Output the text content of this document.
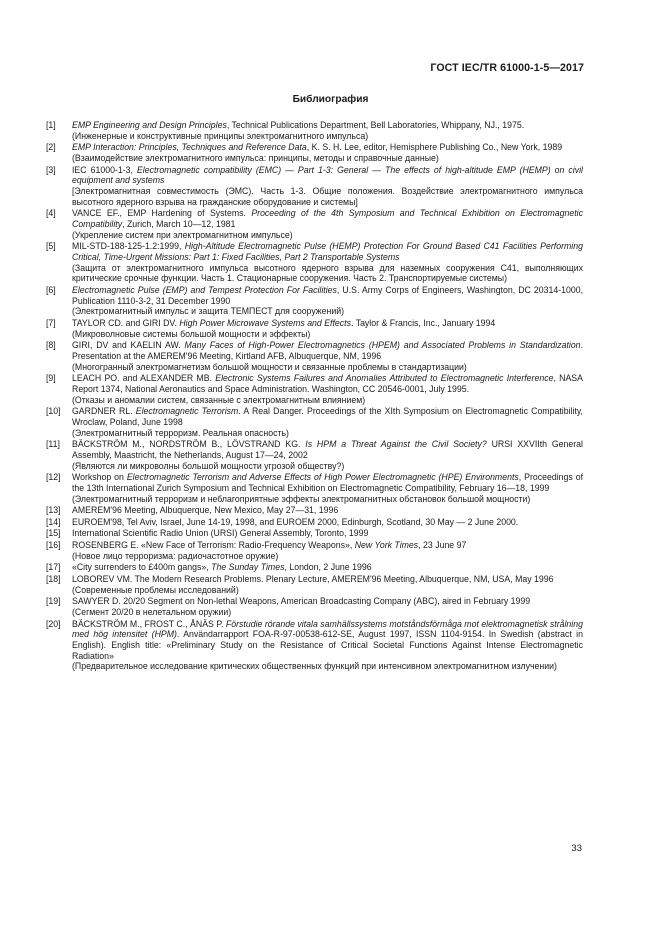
ГОСТ IEC/TR 61000-1-5—2017
Библиография
[1]	EMP Engineering and Design Principles, Technical Publications Department, Bell Laboratories, Whippany, NJ., 1975.
(Инженерные и конструктивные принципы электромагнитного импульса)
[2]	EMP Interaction: Principles, Techniques and Reference Data, K. S. H. Lee, editor, Hemisphere Publishing Co., New York, 1989
(Взаимодействие электромагнитного импульса: принципы, методы и справочные данные)
[3]	IEC 61000-1-3, Electromagnetic compatibility (EMC) — Part 1-3: General — The effects of high-altitude EMP (HEMP) on civil equipment and systems
[Электромагнитная совместимость (ЭМС). Часть 1-3. Общие положения. Воздействие электромагнитного импульса высотного ядерного взрыва на гражданские оборудование и системы]
[4]	VANCE EF., EMP Hardening of Systems. Proceeding of the 4th Symposium and Technical Exhibition on Electromagnetic Compatibility, Zurich, March 10—12, 1981
(Укрепление систем при электромагнитном импульсе)
[5]	MIL-STD-188-125-1.2:1999, High-Altitude Electromagnetic Pulse (HEMP) Protection For Ground Based C41 Facilities Performing Critical, Time-Urgent Missions: Part 1: Fixed Facilities, Part 2 Transportable Systems
(Защита от электромагнитного импульса высотного ядерного взрыва для наземных сооружения С41, выполняющих критические срочные функции. Часть 1. Стационарные сооружения. Часть 2. Транспортируемые системы)
[6]	Electromagnetic Pulse (EMP) and Tempest Protection For Facilities, U.S. Army Corps of Engineers, Washington, DC 20314-1000, Publication 1110-3-2, 31 December 1990
(Электромагнитный импульс и защита ТЕМПЕСТ для сооружений)
[7]	TAYLOR CD. and GIRI DV. High Power Microwave Systems and Effects. Taylor & Francis, Inc., January 1994
(Микроволновые системы большой мощности и эффекты)
[8]	GIRI, DV and KAELIN AW. Many Faces of High-Power Electromagnetics (HPEM) and Associated Problems in Standardization. Presentation at the AMEREM'96 Meeting, Kirtland AFB, Albuquerque, NM, 1996
(Многогранный электромагнетизм большой мощности и связанные проблемы в стандартизации)
[9]	LEACH PO. and ALEXANDER MB. Electronic Systems Failures and Anomalies Attributed to Electromagnetic Interference, NASA Report 1374, National Aeronautics and Space Administration. Washington, CC 20546-0001, July 1995.
(Отказы и аномалии систем, связанные с электромагнитным влиянием)
[10]	GARDNER RL. Electromagnetic Terrorism. A Real Danger. Proceedings of the XIth Symposium on Electromagnetic Compatibility, Wroclaw, Poland, June 1998
(Электромагнитный терроризм. Реальная опасность)
[11]	BÄCKSTRÖM M., NORDSTRÖM B., LÖVSTRAND KG. Is HPM a Threat Against the Civil Society? URSI XXVIIth General Assembly, Maastricht, the Netherlands, August 17—24, 2002
(Являются ли микроволны большой мощности угрозой обществу?)
[12]	Workshop on Electromagnetic Terrorism and Adverse Effects of High Power Electromagnetic (HPE) Environments, Proceedings of the 13th International Zurich Symposium and Technical Exhibition on Electromagnetic Compatibility, February 16—18, 1999
(Электромагнитный терроризм и неблагоприятные эффекты электромагнитных обстановок большой мощности)
[13]	AMEREM'96 Meeting, Albuquerque, New Mexico, May 27—31, 1996
[14]	EUROEM'98, Tel Aviv, Israel, June 14-19, 1998, and EUROEM 2000, Edinburgh, Scotland, 30 May — 2 June 2000.
[15]	International Scientific Radio Union (URSI) General Assembly, Toronto, 1999
[16]	ROSENBERG E. «New Face of Terrorism: Radio-Frequency Weapons», New York Times, 23 June 97
(Новое лицо терроризма: радиочастотное оружие)
[17]	«City surrenders to £400m gangs», The Sunday Times, London, 2 June 1996
[18]	LOBOREV VM. The Modern Research Problems. Plenary Lecture, AMEREM'96 Meeting, Albuquerque, NM, USA, May 1996
(Современные проблемы исследований)
[19]	SAWYER D. 20/20 Segment on Non-lethal Weapons, American Broadcasting Company (ABC), aired in February 1999
(Сегмент 20/20 в нелетальном оружии)
[20]	BÄCKSTRÖM M., FROST C., ÅNÄS P. Förstudie rörande vitala samhällssystems motståndsförmåga mot elektromagnetisk strålning med hög intensitet (HPM). Användarrapport FOA-R-97-00538-612-SE, August 1997, ISSN 1104-9154. In Swedish (abstract in English). English title: «Preliminary Study on the Resistance of Critical Societal Functions Against Intense Electromagnetic Radiation»
(Предварительное исследование критических общественных функций при интенсивном электромагнитном излучении)
33
